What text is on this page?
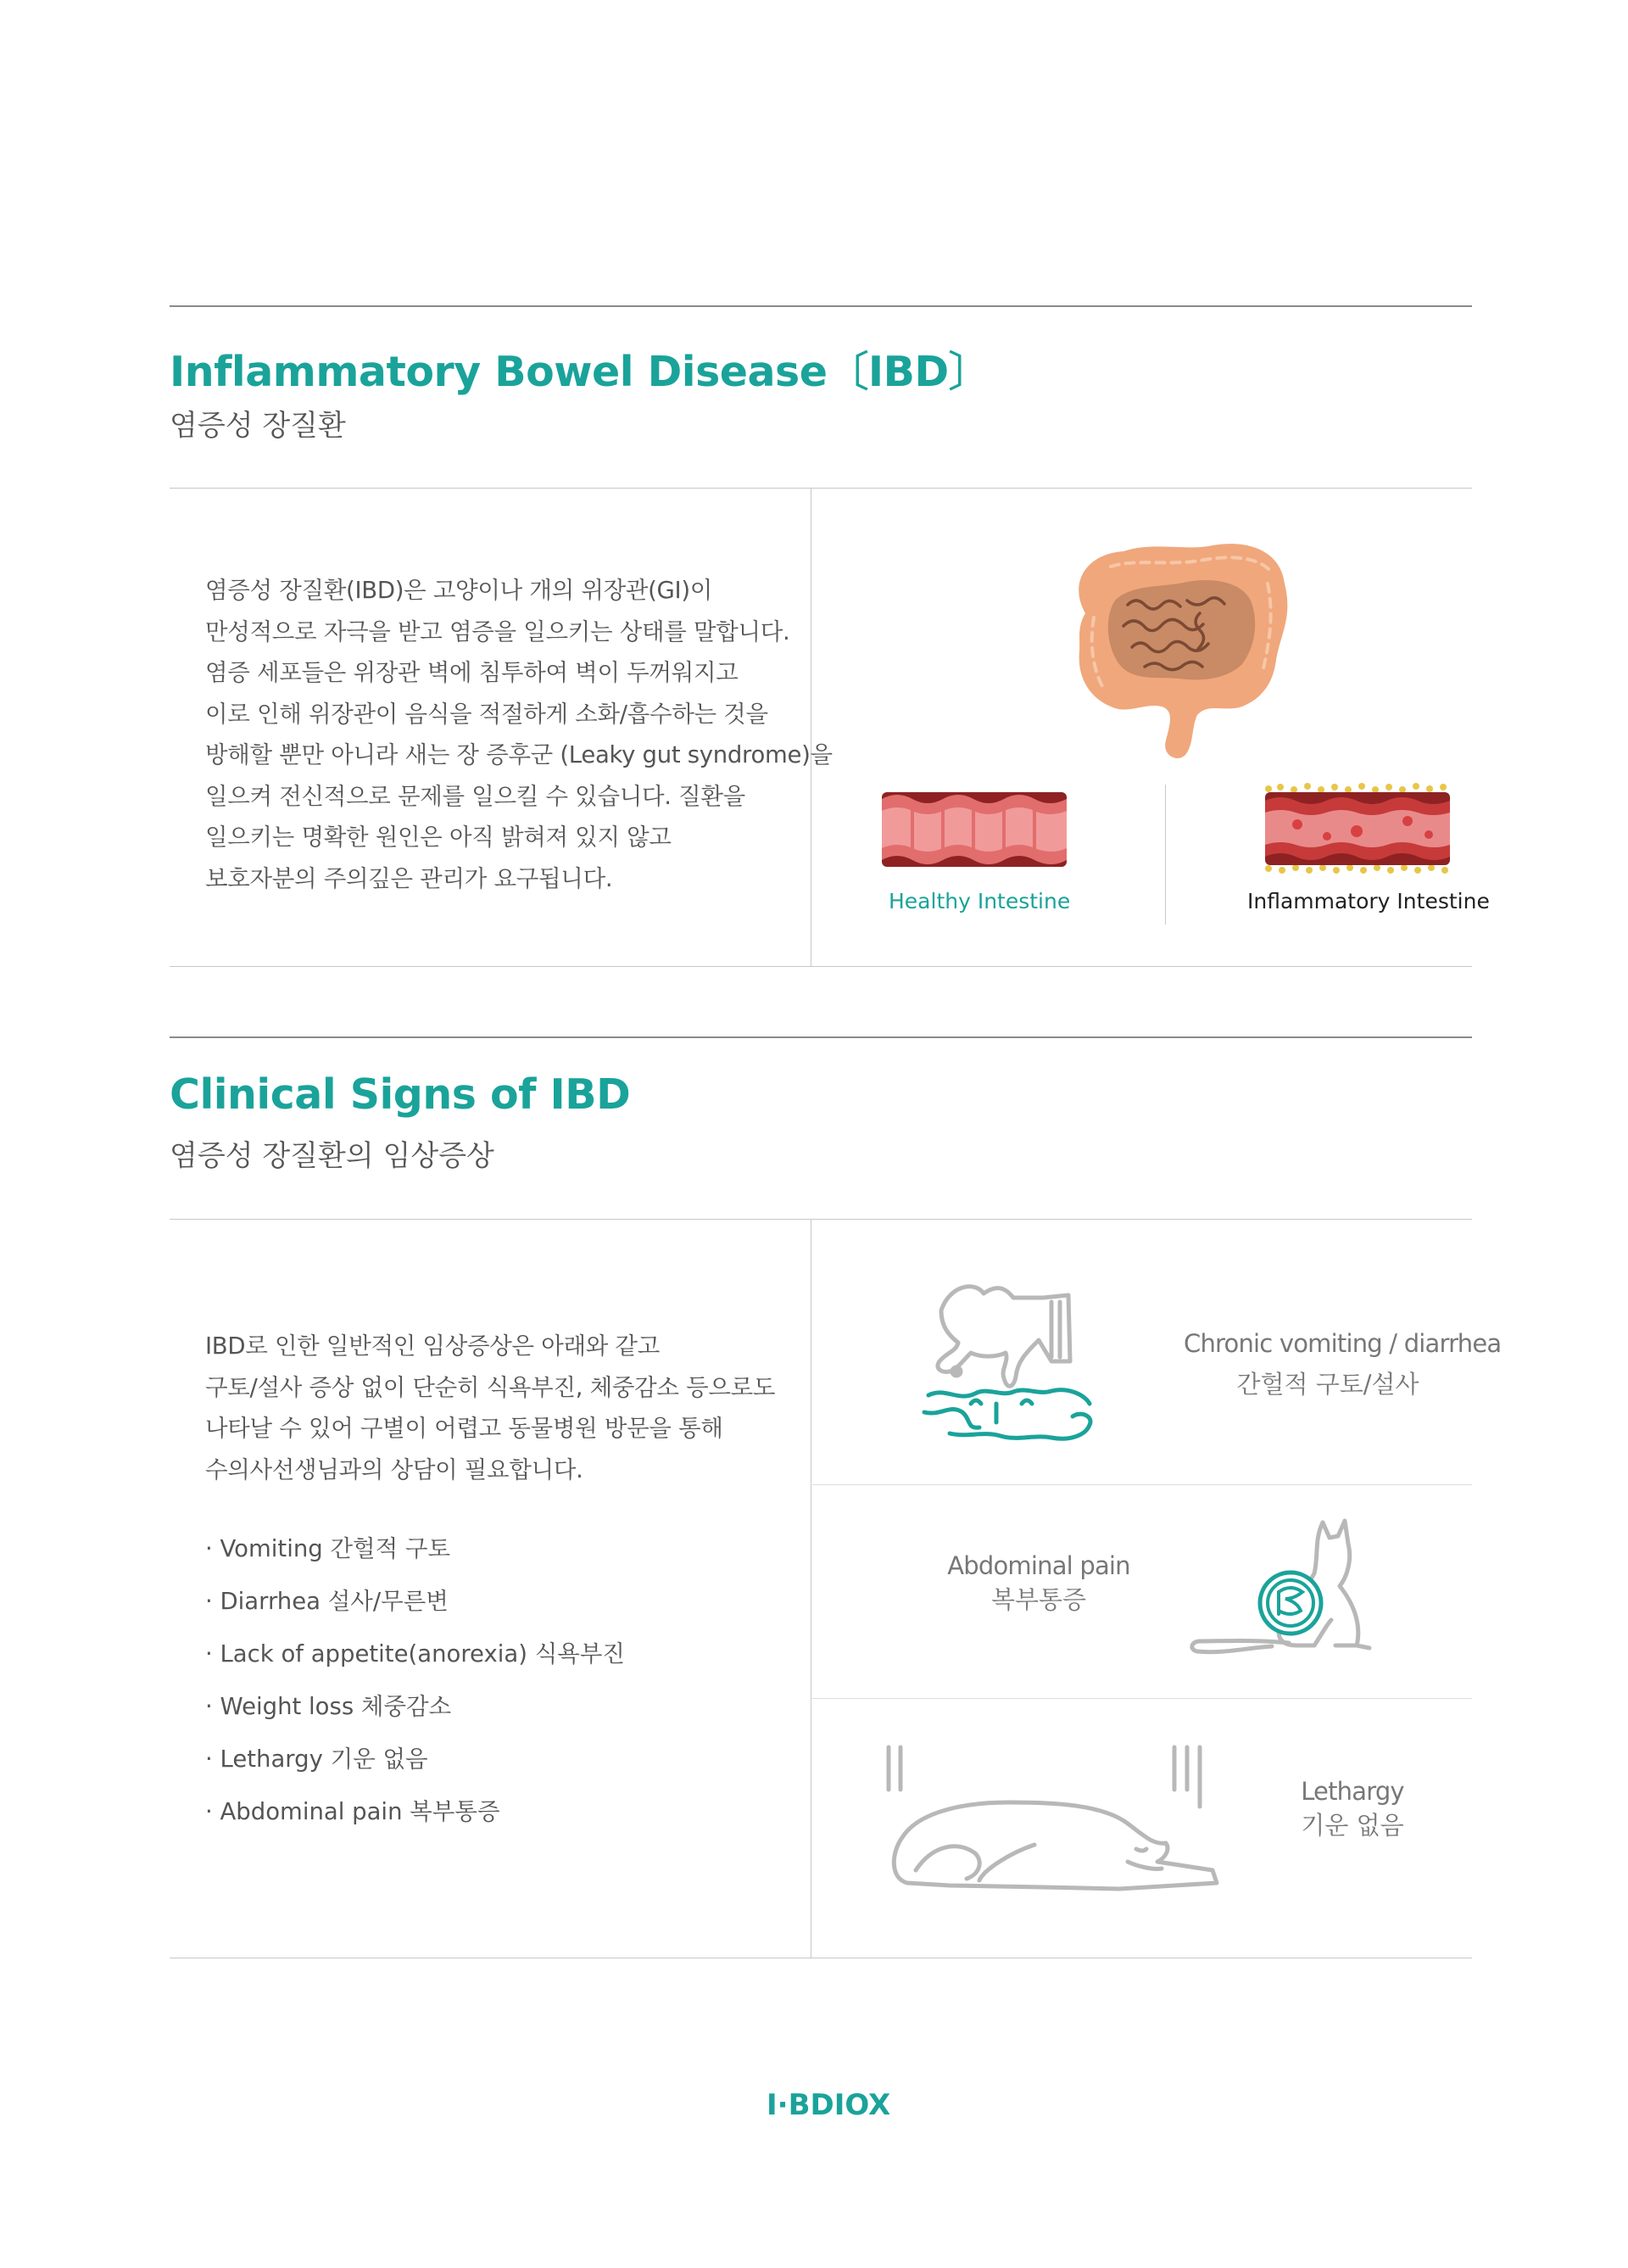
Inflammatory Bowel Disease〔IBD〕
염증성 장질환

염증성 장질환(IBD)은 고양이나 개의 위장관(GI)이

만성적으로 자극을 받고 염증을 일으키는 상태를 말합니다.

염증 세포들은 위장관 벽에 침투하여 벽이 두꺼워지고

이로 인해 위장관이 음식을 적절하게 소화/흡수하는 것을

방해할 뿐만 아니라 새는 장 증후군 (Leaky gut syndrome)을

일으켜 전신적으로 문제를 일으킬 수 있습니다. 질환을

일으키는 명확한 원인은 아직 밝혀져 있지 않고

보호자분의 주의깊은 관리가 요구됩니다.

Healthy Intestine	Inflammatory Intestine
Clinical Signs of IBD
염증성 장질환의 임상증상

IBD로 인한 일반적인 임상증상은 아래와 같고

구토/설사 증상 없이 단순히 식욕부진, 체중감소 등으로도

나타날 수 있어 구별이 어렵고 동물병원 방문을 통해

수의사선생님과의 상담이 필요합니다.

· Vomiting 간헐적 구토
· Diarrhea 설사/무른변
· Lack of appetite(anorexia) 식욕부진
· Weight loss 체중감소
· Lethargy 기운 없음
· Abdominal pain 복부통증
Chronic vomiting / diarrhea
간헐적 구토/설사
Abdominal pain
복부통증
Lethargy
기운 없음
I·BDIOX
